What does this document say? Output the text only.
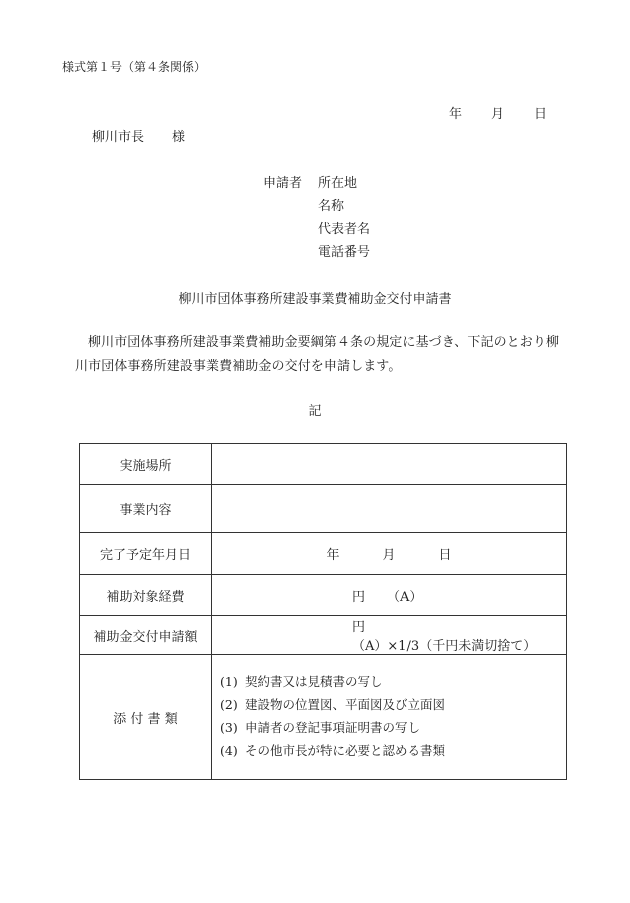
様式第１号（第４条関係）
年 月 日
柳川市長 様
申請者 所在地
名称
代表者名
電話番号
柳川市団体事務所建設事業費補助金交付申請書
柳川市団体事務所建設事業費補助金要綱第４条の規定に基づき、下記のとおり柳川市団体事務所建設事業費補助金の交付を申請します。
記
実施場所	
事業内容	
完了予定年月日	年 月 日
補助対象経費	円 （A）
補助金交付申請額	円（A）×1/3（千円未満切捨て）
添 付 書 類	(1) 契約書又は見積書の写し
(2) 建設物の位置図、平面図及び立面図
(3) 申請者の登記事項証明書の写し
(4) その他市長が特に必要と認める書類
